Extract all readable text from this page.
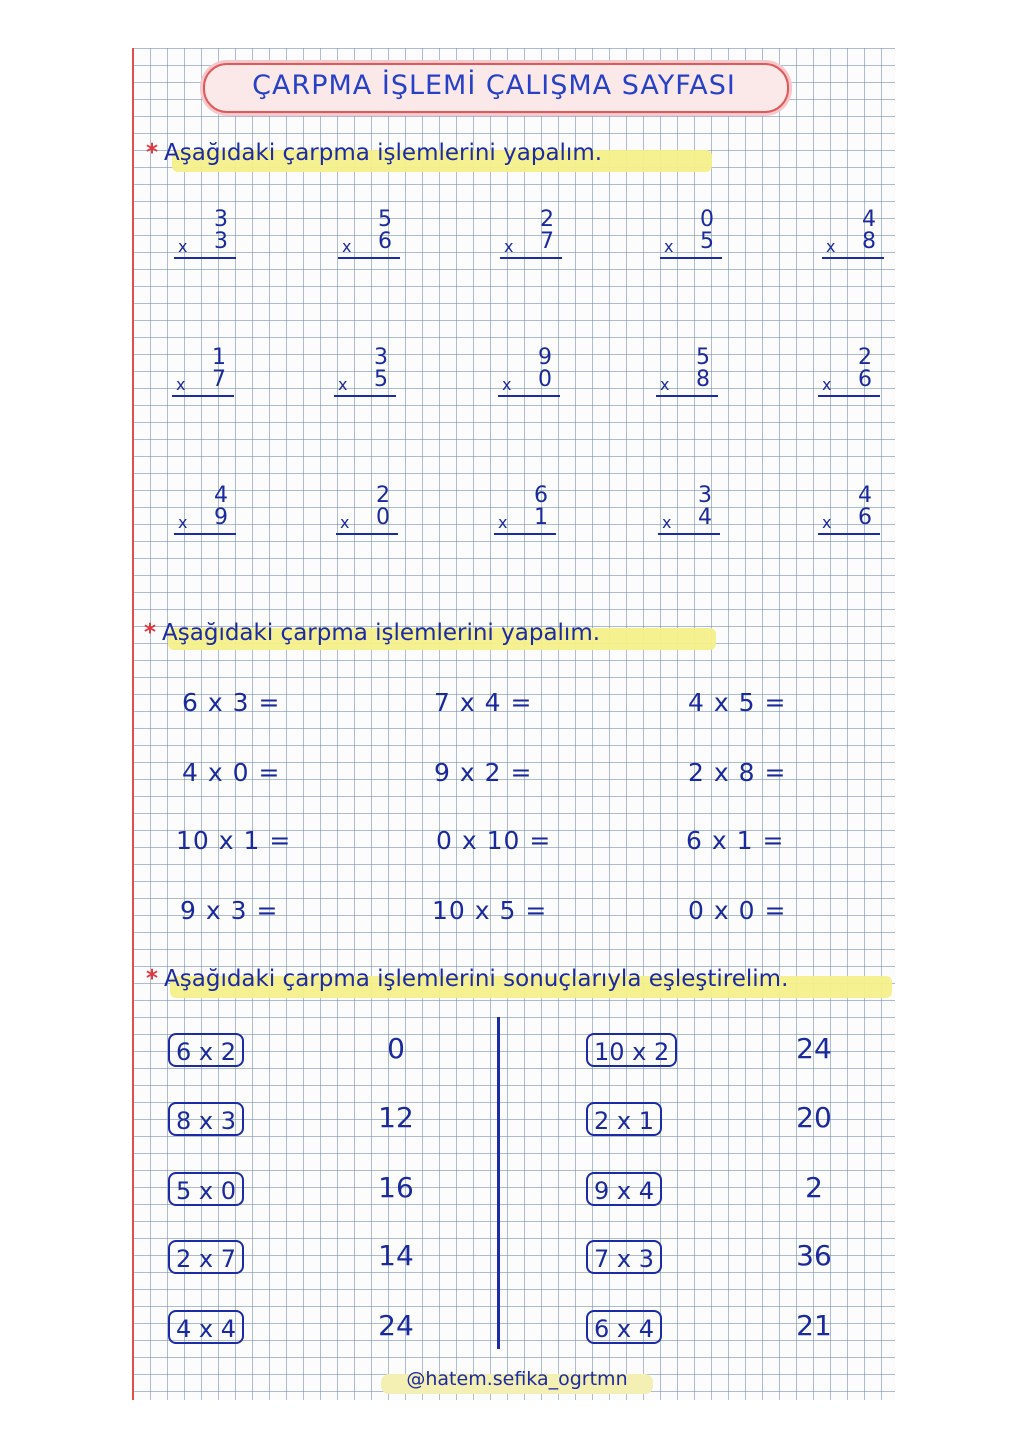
ÇARPMA İŞLEMİ ÇALIŞMA SAYFASI
* Aşağıdaki çarpma işlemlerini yapalım.
3
x 3
5
x 6
2
x 7
0
x 5
4
x 8
1
x 7
3
x 5
9
x 0
5
x 8
2
x 6
4
x 9
2
x 0
6
x 1
3
x 4
4
x 6
* Aşağıdaki çarpma işlemlerini yapalım.
6 x 3 =	7 x 4 =	4 x 5 =
4 x 0 =	9 x 2 =	2 x 8 =
10 x 1 =	0 x 10 =	6 x 1 =
9 x 3 =	10 x 5 =	0 x 0 =
* Aşağıdaki çarpma işlemlerini sonuçlarıyla eşleştirelim.
6 x 2
8 x 3
5 x 0
2 x 7
4 x 4
0
12
16
14
24
10 x 2
2 x 1
9 x 4
7 x 3
6 x 4
24
20
2
36
21
@hatem.sefika_ogrtmn
